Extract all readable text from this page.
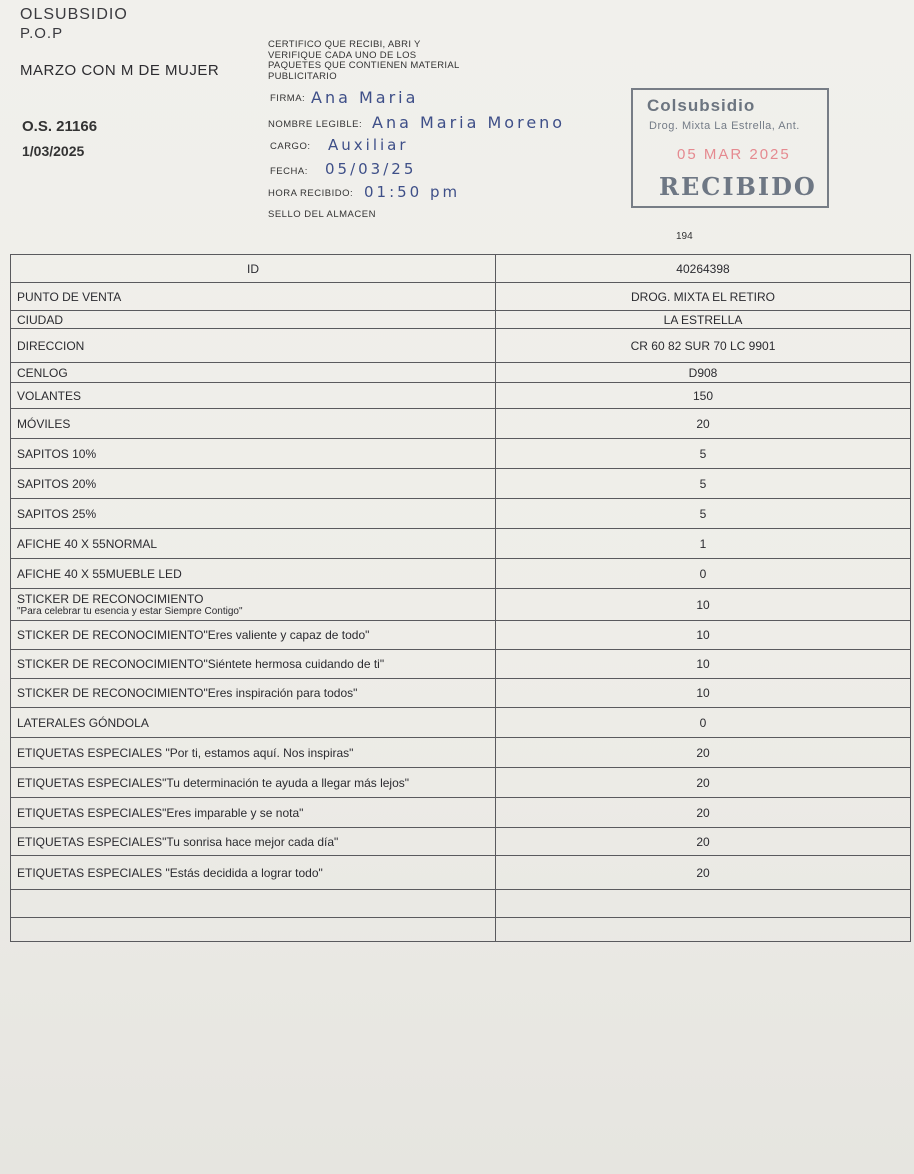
OLSUBSIDIO
P.O.P
MARZO CON M DE MUJER
O.S. 21166
1/03/2025
CERTIFICO QUE RECIBI, ABRI Y VERIFIQUE CADA UNO DE LOS PAQUETES QUE CONTIENEN MATERIAL PUBLICITARIO
FIRMA: Ana Maria
NOMBRE LEGIBLE: Ana Maria Moreno
CARGO: Auxiliar
FECHA: 05/03/25
HORA RECIBIDO: 01:50 pm
SELLO DEL ALMACEN
Colsubsidio
Drog. Mixta La Estrella, Ant.
05 MAR 2025
RECIBIDO
194
ID	40264398
PUNTO DE VENTA	DROG. MIXTA EL RETIRO
CIUDAD	LA ESTRELLA
DIRECCION	CR 60 82 SUR 70 LC 9901
CENLOG	D908
VOLANTES	150
MÓVILES	20
SAPITOS 10%	5
SAPITOS 20%	5
SAPITOS 25%	5
AFICHE 40 X 55NORMAL	1
AFICHE 40 X 55MUEBLE LED	0
STICKER DE RECONOCIMIENTO
"Para celebrar tu esencia y estar Siempre Contigo"	10
STICKER DE RECONOCIMIENTO"Eres valiente y capaz de todo"	10
STICKER DE RECONOCIMIENTO"Siéntete hermosa cuidando de ti"	10
STICKER DE RECONOCIMIENTO"Eres inspiración para todos"	10
LATERALES GÓNDOLA	0
ETIQUETAS ESPECIALES "Por ti, estamos aquí. Nos inspiras"	20
ETIQUETAS ESPECIALES"Tu determinación te ayuda a llegar más lejos"	20
ETIQUETAS ESPECIALES"Eres imparable y se nota"	20
ETIQUETAS ESPECIALES"Tu sonrisa hace mejor cada día"	20
ETIQUETAS ESPECIALES "Estás decidida a lograr todo"	20
